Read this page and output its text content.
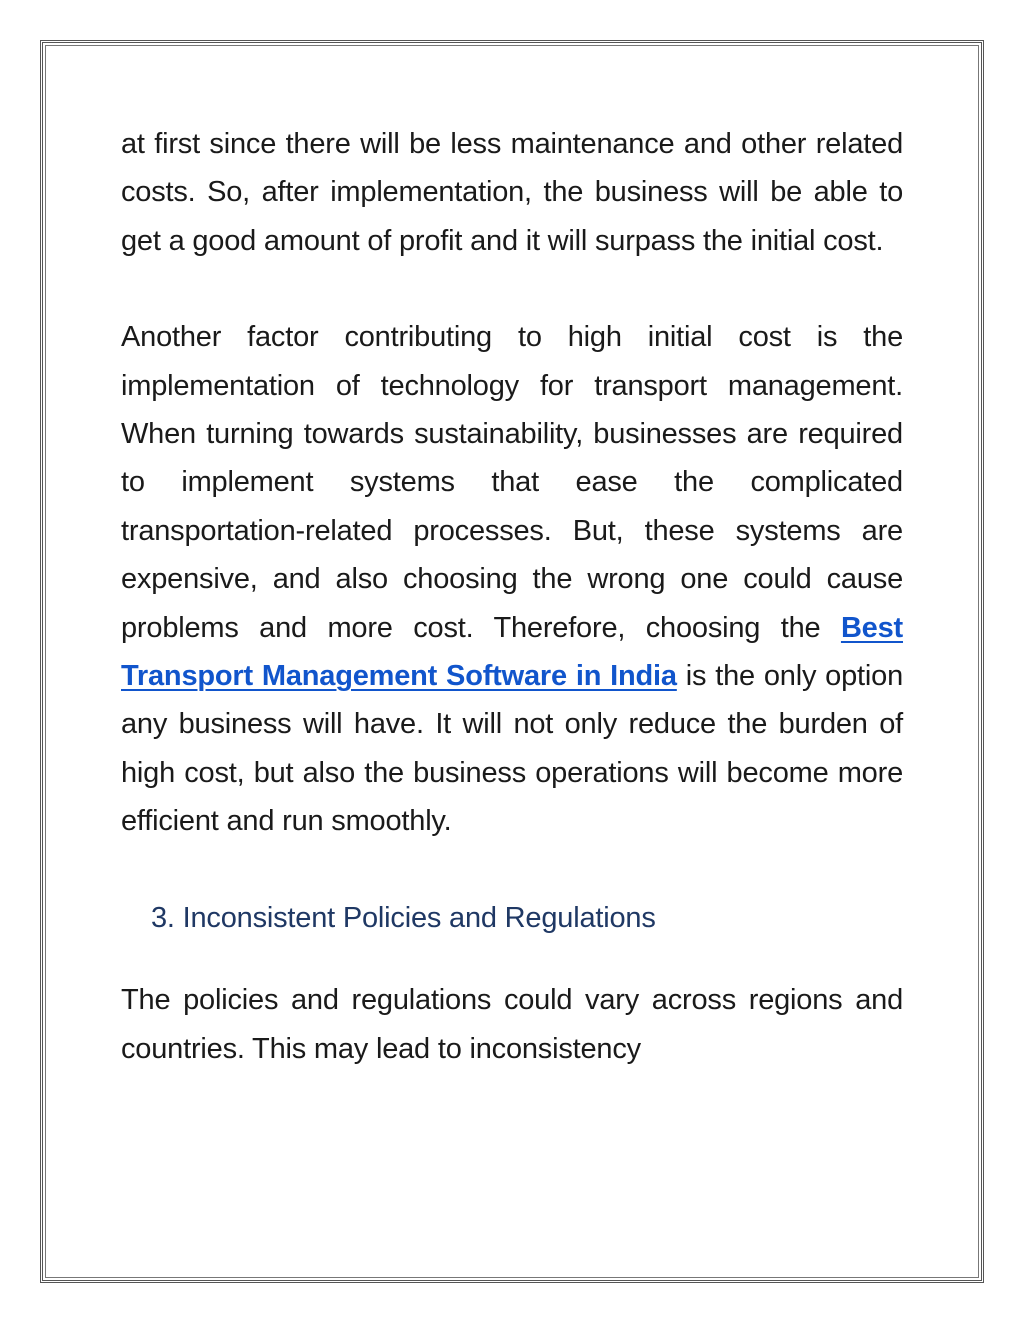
at first since there will be less maintenance and other related costs. So, after implementation, the business will be able to get a good amount of profit and it will surpass the initial cost.

Another factor contributing to high initial cost is the implementation of technology for transport management. When turning towards sustainability, businesses are required to implement systems that ease the complicated transportation-related processes. But, these systems are expensive, and also choosing the wrong one could cause problems and more cost. Therefore, choosing the Best Transport Management Software in India is the only option any business will have. It will not only reduce the burden of high cost, but also the business operations will become more efficient and run smoothly.

3. Inconsistent Policies and Regulations

The policies and regulations could vary across regions and countries. This may lead to inconsistency
